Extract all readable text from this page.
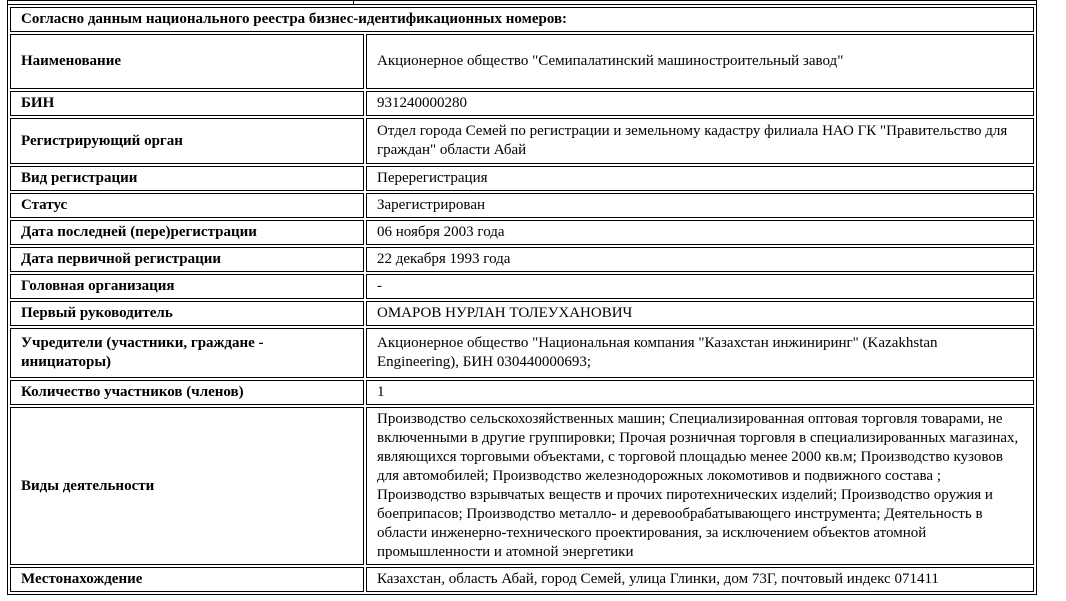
Согласно данным национального реестра бизнес-идентификационных номеров:	
Наименование	Акционерное общество "Семипалатинский машиностроительный завод"
БИН	931240000280
Регистрирующий орган	Отдел города Семей по регистрации и земельному кадастру филиала НАО ГК "Правительство для граждан" области Абай
Вид регистрации	Перерегистрация
Статус	Зарегистрирован
Дата последней (пере)регистрации	06 ноября 2003 года
Дата первичной регистрации	22 декабря 1993 года
Головная организация	-
Первый руководитель	ОМАРОВ НУРЛАН ТОЛЕУХАНОВИЧ
Учредители (участники, граждане - инициаторы)	Акционерное общество "Национальная компания "Казахстан инжиниринг" (Kazakhstan Engineering), БИН 030440000693;
Количество участников (членов)	1
Виды деятельности	Производство сельскохозяйственных машин; Специализированная оптовая торговля товарами, не включенными в другие группировки; Прочая розничная торговля в специализированных магазинах, являющихся торговыми объектами, с торговой площадью менее 2000 кв.м; Производство кузовов для автомобилей; Производство железнодорожных локомотивов и подвижного состава ; Производство взрывчатых веществ и прочих пиротехнических изделий; Производство оружия и боеприпасов; Производство металло- и деревообрабатывающего инструмента; Деятельность в области инженерно-технического проектирования, за исключением объектов атомной промышленности и атомной энергетики
Местонахождение	Казахстан, область Абай, город Семей, улица Глинки, дом 73Г, почтовый индекс 071411
